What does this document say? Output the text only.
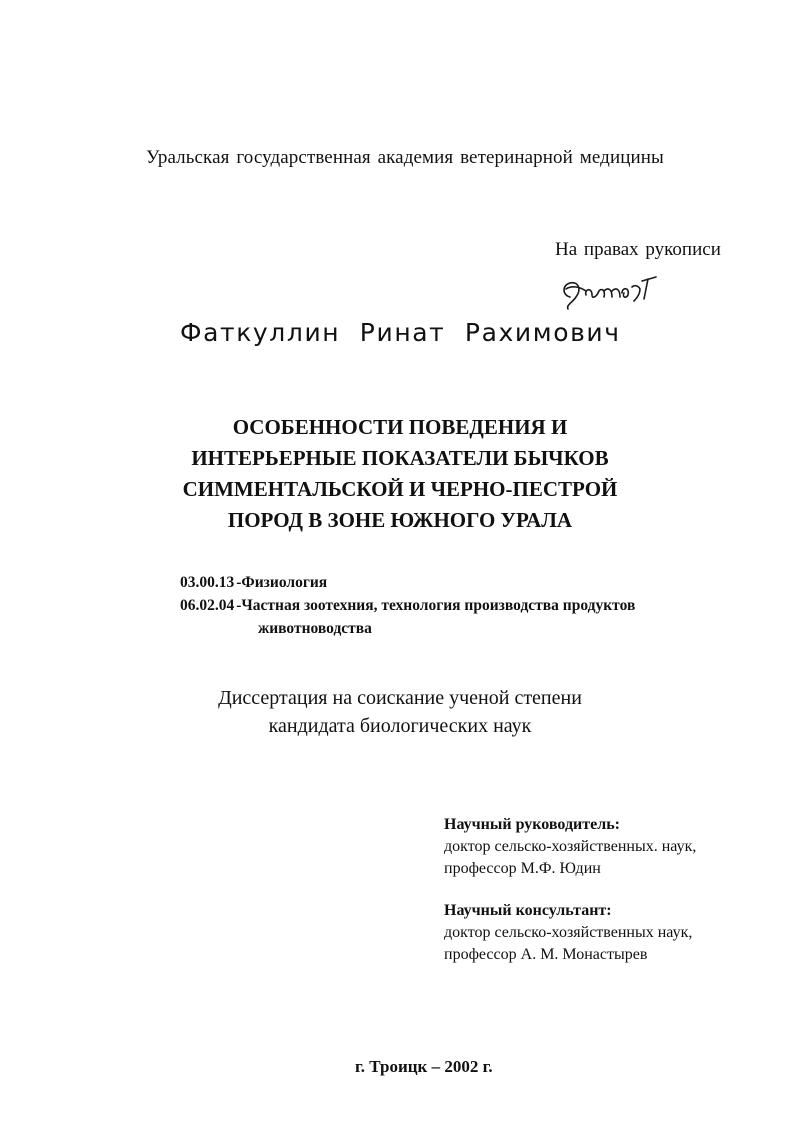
Уральская государственная академия ветеринарной медицины
На правах рукописи
Фаткуллин Ринат Рахимович
ОСОБЕННОСТИ ПОВЕДЕНИЯ И
ИНТЕРЬЕРНЫЕ ПОКАЗАТЕЛИ БЫЧКОВ
СИММЕНТАЛЬСКОЙ И ЧЕРНО-ПЕСТРОЙ
ПОРОД В ЗОНЕ ЮЖНОГО УРАЛА
03.00.13 -Физиология
06.02.04 -Частная зоотехния, технология производства продуктов
животноводства
Диссертация на соискание ученой степени
кандидата биологических наук
Научный руководитель:
доктор сельско-хозяйственных. наук,
профессор М.Ф. Юдин
Научный консультант:
доктор сельско-хозяйственных наук,
профессор А. М. Монастырев
г. Троицк – 2002 г.
